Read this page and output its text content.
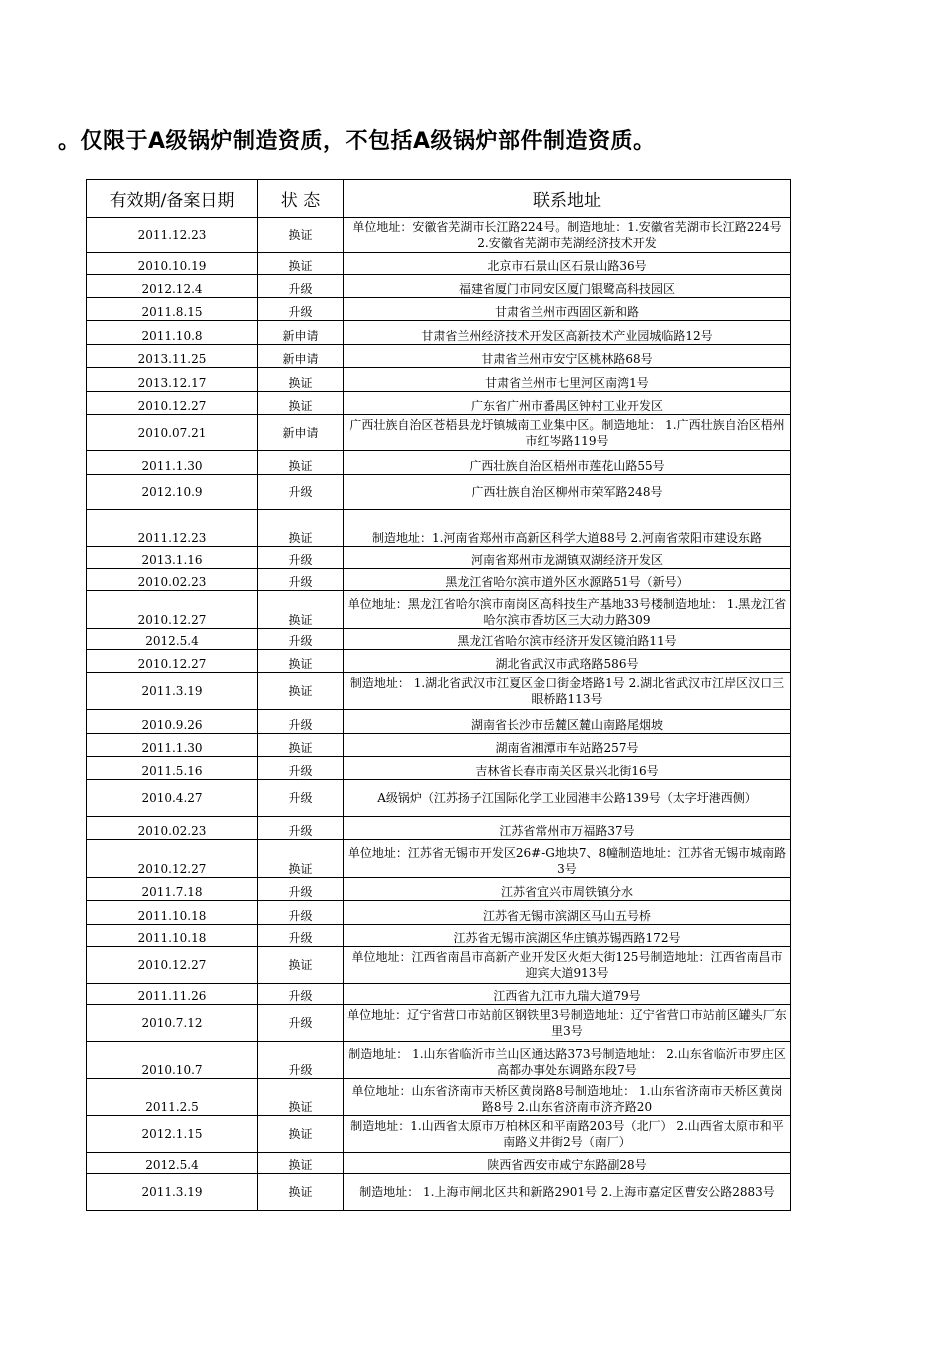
。仅限于A级锅炉制造资质，不包括A级锅炉部件制造资质。
有效期/备案日期	状 态	联系地址

2011.12.23	换证	单位地址：安徽省芜湖市长江路224号。制造地址：1.安徽省芜湖市长江路224号 2.安徽省芜湖市芜湖经济技术开发

2010.10.19	换证	北京市石景山区石景山路36号

2012.12.4	升级	福建省厦门市同安区厦门银鹭高科技园区

2011.8.15	升级	甘肃省兰州市西固区新和路

2011.10.8	新申请	甘肃省兰州经济技术开发区高新技术产业园城临路12号

2013.11.25	新申请	甘肃省兰州市安宁区桃林路68号

2013.12.17	换证	甘肃省兰州市七里河区南湾1号

2010.12.27	换证	广东省广州市番禺区钟村工业开发区

2010.07.21	新申请	广西壮族自治区苍梧县龙圩镇城南工业集中区。制造地址： 1.广西壮族自治区梧州市红岑路119号

2011.1.30	换证	广西壮族自治区梧州市莲花山路55号

2012.10.9	升级	广西壮族自治区柳州市荣军路248号

2011.12.23	换证	制造地址：1.河南省郑州市高新区科学大道88号 2.河南省荥阳市建设东路

2013.1.16	升级	河南省郑州市龙湖镇双湖经济开发区

2010.02.23	升级	黑龙江省哈尔滨市道外区水源路51号（新号）

2010.12.27	换证	单位地址：黑龙江省哈尔滨市南岗区高科技生产基地33号楼制造地址： 1.黑龙江省哈尔滨市香坊区三大动力路309

2012.5.4	升级	黑龙江省哈尔滨市经济开发区镜泊路11号

2010.12.27	换证	湖北省武汉市武珞路586号

2011.3.19	换证	制造地址： 1.湖北省武汉市江夏区金口街金塔路1号 2.湖北省武汉市江岸区汉口三眼桥路113号

2010.9.26	升级	湖南省长沙市岳麓区麓山南路尾烟坡

2011.1.30	换证	湖南省湘潭市车站路257号

2011.5.16	升级	吉林省长春市南关区景兴北街16号

2010.4.27	升级	A级锅炉（江苏扬子江国际化学工业园港丰公路139号（太字圩港西侧）

2010.02.23	升级	江苏省常州市万福路37号

2010.12.27	换证	单位地址：江苏省无锡市开发区26#-G地块7、8幢制造地址：江苏省无锡市城南路3号

2011.7.18	升级	江苏省宜兴市周铁镇分水

2011.10.18	升级	江苏省无锡市滨湖区马山五号桥

2011.10.18	升级	江苏省无锡市滨湖区华庄镇苏锡西路172号

2010.12.27	换证	单位地址：江西省南昌市高新产业开发区火炬大街125号制造地址：江西省南昌市迎宾大道913号

2011.11.26	升级	江西省九江市九瑞大道79号

2010.7.12	升级	单位地址：辽宁省营口市站前区钢铁里3号制造地址：辽宁省营口市站前区罐头厂东里3号

2010.10.7	升级	制造地址： 1.山东省临沂市兰山区通达路373号制造地址： 2.山东省临沂市罗庄区高都办事处东调路东段7号

2011.2.5	换证	单位地址：山东省济南市天桥区黄岗路8号制造地址： 1.山东省济南市天桥区黄岗路8号 2.山东省济南市济齐路20

2012.1.15	换证	制造地址：1.山西省太原市万柏林区和平南路203号（北厂） 2.山西省太原市和平南路义井街2号（南厂）

2012.5.4	换证	陕西省西安市咸宁东路副28号

2011.3.19	换证	制造地址： 1.上海市闸北区共和新路2901号 2.上海市嘉定区曹安公路2883号
